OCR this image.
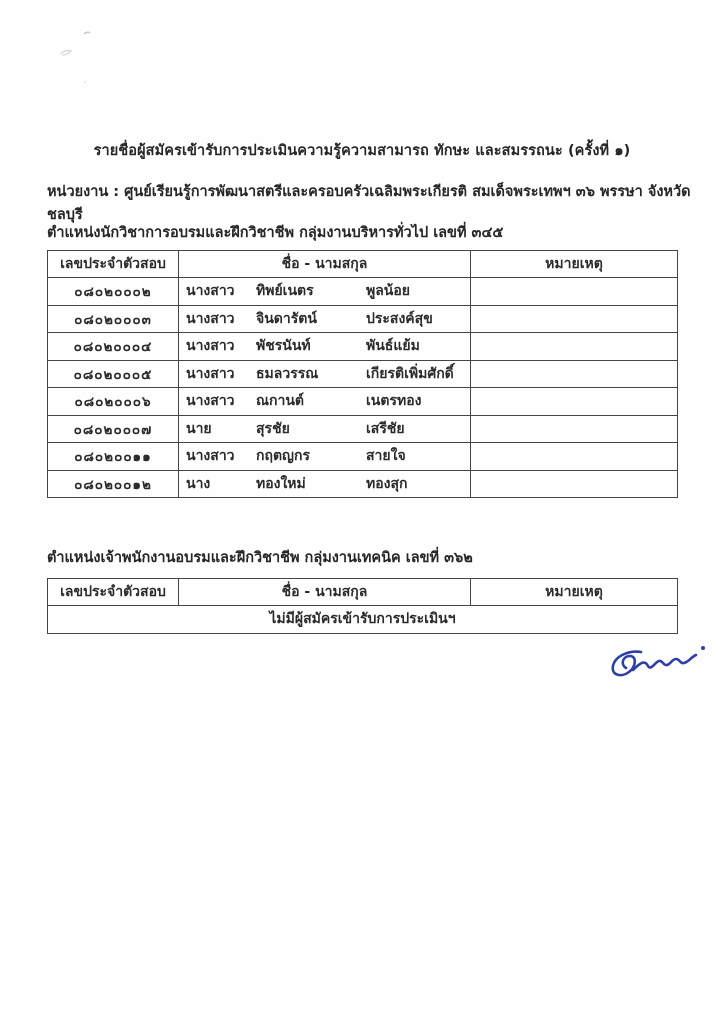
รายชื่อผู้สมัครเข้ารับการประเมินความรู้ความสามารถ ทักษะ และสมรรถนะ (ครั้งที่ ๑)
หน่วยงาน : ศูนย์เรียนรู้การพัฒนาสตรีและครอบครัวเฉลิมพระเกียรติ สมเด็จพระเทพฯ ๓๖ พรรษา จังหวัดชลบุรี
ตำแหน่งนักวิชาการอบรมและฝึกวิชาชีพ กลุ่มงานบริหารทั่วไป เลขที่ ๓๔๕
เลขประจำตัวสอบ	ชื่อ - นามสกุล	หมายเหตุ
๐๘๐๒๐๐๐๒	นางสาว ทิพย์เนตร พูลน้อย	

๐๘๐๒๐๐๐๓	นางสาว จินดารัตน์ ประสงค์สุข	

๐๘๐๒๐๐๐๔	นางสาว พัชรนันท์ พันธ์แย้ม	

๐๘๐๒๐๐๐๕	นางสาว ธมลวรรณ เกียรติเพิ่มศักดิ์	

๐๘๐๒๐๐๐๖	นางสาว ณกานต์ เนตรทอง	

๐๘๐๒๐๐๐๗	นาย สุรชัย เสรีชัย	

๐๘๐๒๐๐๑๑	นางสาว กฤตญกร สายใจ	

๐๘๐๒๐๐๑๒	นาง ทองใหม่ ทองสุก	

ตำแหน่งเจ้าพนักงานอบรมและฝึกวิชาชีพ กลุ่มงานเทคนิค เลขที่ ๓๖๒
เลขประจำตัวสอบ	ชื่อ - นามสกุล	หมายเหตุ
ไม่มีผู้สมัครเข้ารับการประเมินฯ
